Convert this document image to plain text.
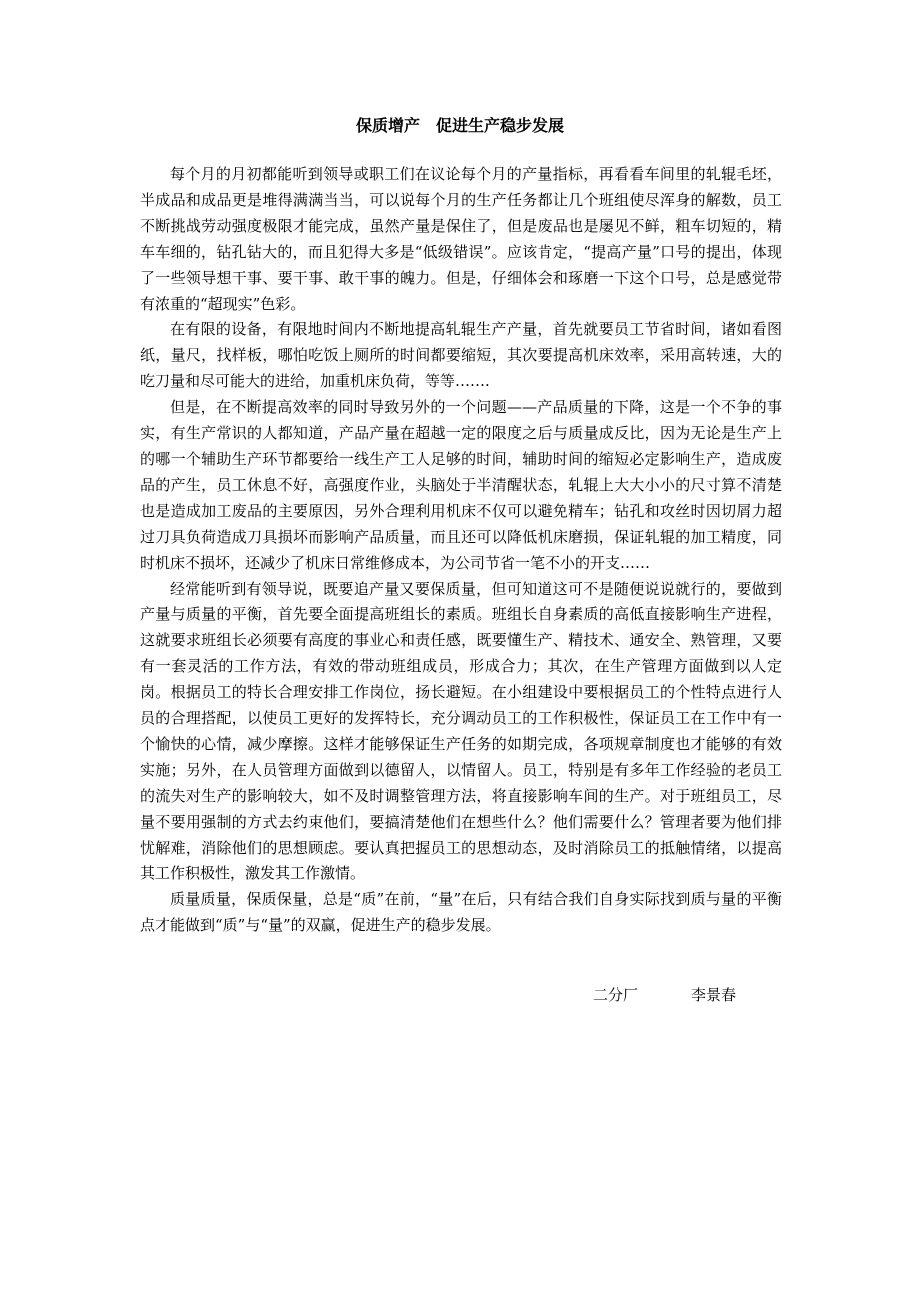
保质增产　促进生产稳步发展

每个月的月初都能听到领导或职工们在议论每个月的产量指标，再看看车间里的轧辊毛坯，半成品和成品更是堆得满满当当，可以说每个月的生产任务都让几个班组使尽浑身的解数，员工不断挑战劳动强度极限才能完成，虽然产量是保住了，但是废品也是屡见不鲜，粗车切短的，精车车细的，钻孔钻大的，而且犯得大多是“低级错误”。应该肯定，“提高产量”口号的提出，体现了一些领导想干事、要干事、敢干事的魄力。但是，仔细体会和琢磨一下这个口号，总是感觉带有浓重的“超现实”色彩。

在有限的设备，有限地时间内不断地提高轧辊生产产量，首先就要员工节省时间，诸如看图纸，量尺，找样板，哪怕吃饭上厕所的时间都要缩短，其次要提高机床效率，采用高转速，大的吃刀量和尽可能大的进给，加重机床负荷，等等…….

但是，在不断提高效率的同时导致另外的一个问题——产品质量的下降，这是一个不争的事实，有生产常识的人都知道，产品产量在超越一定的限度之后与质量成反比，因为无论是生产上的哪一个辅助生产环节都要给一线生产工人足够的时间，辅助时间的缩短必定影响生产，造成废品的产生，员工休息不好，高强度作业，头脑处于半清醒状态，轧辊上大大小小的尺寸算不清楚也是造成加工废品的主要原因，另外合理利用机床不仅可以避免精车；钻孔和攻丝时因切屑力超过刀具负荷造成刀具损坏而影响产品质量，而且还可以降低机床磨损，保证轧辊的加工精度，同时机床不损坏，还减少了机床日常维修成本，为公司节省一笔不小的开支……

经常能听到有领导说，既要追产量又要保质量，但可知道这可不是随便说说就行的，要做到产量与质量的平衡，首先要全面提高班组长的素质。班组长自身素质的高低直接影响生产进程，这就要求班组长必须要有高度的事业心和责任感，既要懂生产、精技术、通安全、熟管理，又要有一套灵活的工作方法，有效的带动班组成员，形成合力；其次，在生产管理方面做到以人定岗。根据员工的特长合理安排工作岗位，扬长避短。在小组建设中要根据员工的个性特点进行人员的合理搭配，以使员工更好的发挥特长，充分调动员工的工作积极性，保证员工在工作中有一个愉快的心情，减少摩擦。这样才能够保证生产任务的如期完成，各项规章制度也才能够的有效实施；另外，在人员管理方面做到以德留人，以情留人。员工，特别是有多年工作经验的老员工的流失对生产的影响较大，如不及时调整管理方法，将直接影响车间的生产。对于班组员工，尽量不要用强制的方式去约束他们，要搞清楚他们在想些什么？他们需要什么？管理者要为他们排忧解难，消除他们的思想顾虑。要认真把握员工的思想动态，及时消除员工的抵触情绪，以提高其工作积极性，激发其工作激情。

质量质量，保质保量，总是“质”在前，“量”在后，只有结合我们自身实际找到质与量的平衡点才能做到“质”与“量”的双赢，促进生产的稳步发展。

二分厂	李景春
